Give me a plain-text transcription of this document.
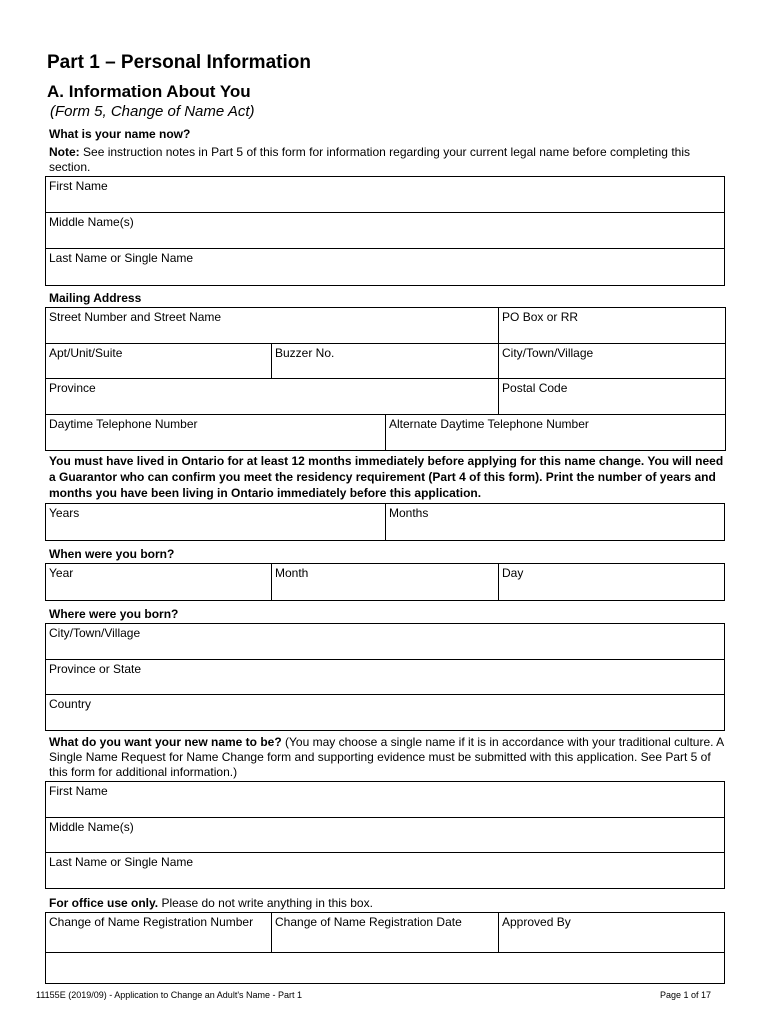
Part 1 – Personal Information
A. Information About You
(Form 5, Change of Name Act)
What is your name now?
Note: See instruction notes in Part 5 of this form for information regarding your current legal name before completing this section.
First Name
Middle Name(s)
Last Name or Single Name
Mailing Address
Street Number and Street Name			PO Box or RR
Apt/Unit/Suite	Buzzer No.		City/Town/Village
Province			Postal Code
Daytime Telephone Number		Alternate Daytime Telephone Number	
You must have lived in Ontario for at least 12 months immediately before applying for this name change. You will need a Guarantor who can confirm you meet the residency requirement (Part 4 of this form). Print the number of years and months you have been living in Ontario immediately before this application.
Years	Months
When were you born?
Year	Month	Day
Where were you born?
City/Town/Village
Province or State
Country
What do you want your new name to be? (You may choose a single name if it is in accordance with your traditional culture. A Single Name Request for Name Change form and supporting evidence must be submitted with this application. See Part 5 of this form for additional information.)
First Name
Middle Name(s)
Last Name or Single Name
For office use only. Please do not write anything in this box.
Change of Name Registration Number	Change of Name Registration Date	Approved By

11155E (2019/09) - Application to Change an Adult's Name - Part 1	Page 1 of 17
